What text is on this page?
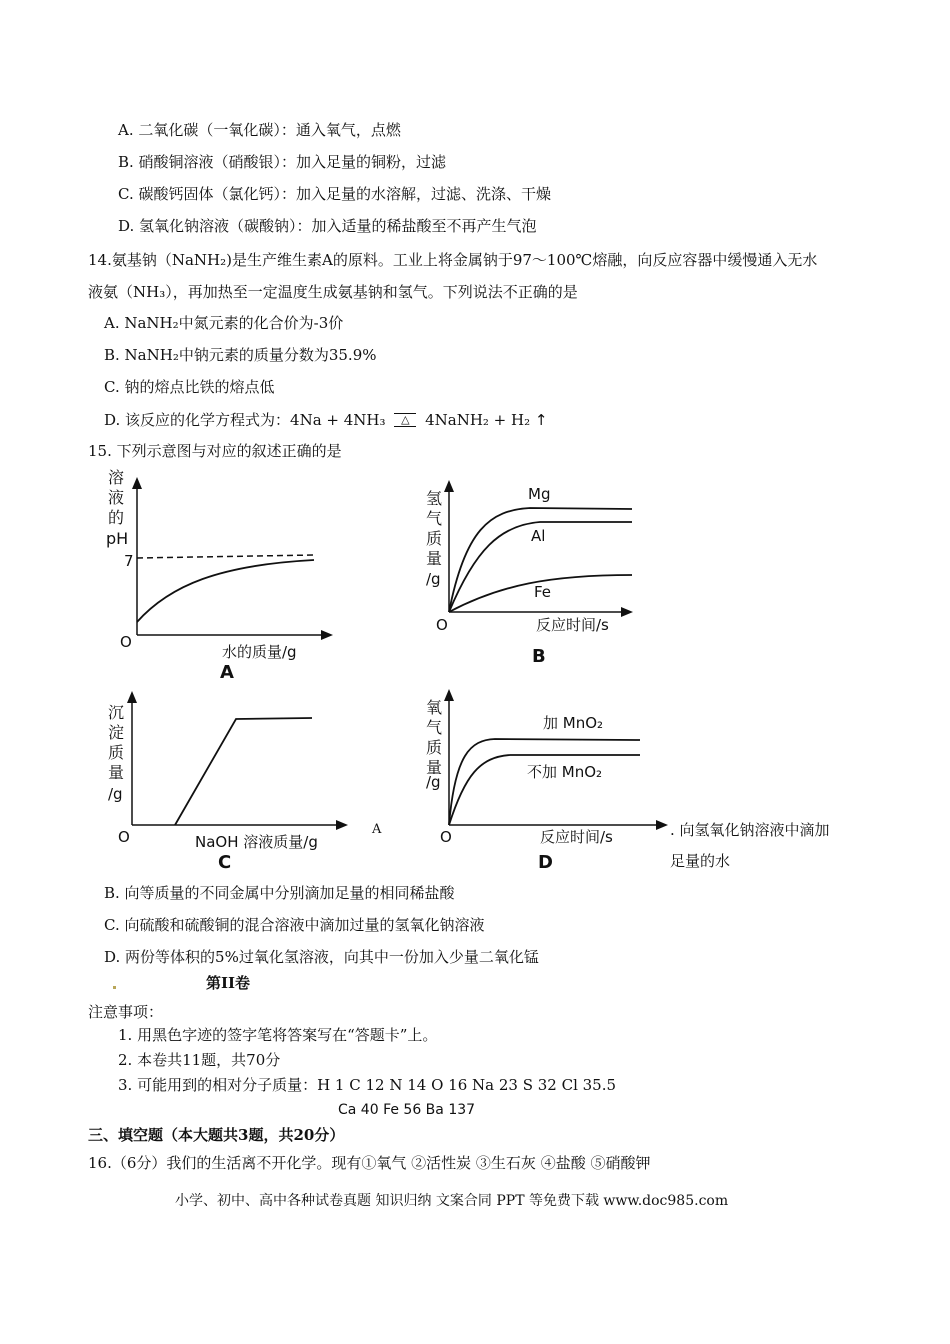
A. 二氧化碳（一氧化碳）：通入氧气，点燃
B. 硝酸铜溶液（硝酸银）：加入足量的铜粉，过滤
C. 碳酸钙固体（氯化钙）：加入足量的水溶解，过滤、洗涤、干燥
D. 氢氧化钠溶液（碳酸钠）：加入适量的稀盐酸至不再产生气泡
14.氨基钠（NaNH₂)是生产维生素A的原料。工业上将金属钠于97～100℃熔融，向反应容器中缓慢通入无水
液氨（NH₃），再加热至一定温度生成氨基钠和氢气。下列说法不正确的是
A. NaNH₂中氮元素的化合价为-3价
B. NaNH₂中钠元素的质量分数为35.9%
C. 钠的熔点比铁的熔点低
D. 该反应的化学方程式为：4Na + 4NH₃ △ 4NaNH₂ + H₂ ↑
15. 下列示意图与对应的叙述正确的是
溶
液
的
pH
7
O
水的质量/g
A
氢
气
质
量
/g
Mg
Al
Fe
O	反应时间/s
B
沉
淀
质
量
/g
O	NaOH 溶液质量/g
C
A
氧
气
质
量
/g
加 MnO₂
不加 MnO₂
O	反应时间/s
D
. 向氢氧化钠溶液中滴加
足量的水
B. 向等质量的不同金属中分别滴加足量的相同稀盐酸
C. 向硫酸和硫酸铜的混合溶液中滴加过量的氢氧化钠溶液
D. 两份等体积的5%过氧化氢溶液，向其中一份加入少量二氧化锰
第II卷
注意事项：
1. 用黑色字迹的签字笔将答案写在“答题卡”上。
2. 本卷共11题，共70分
3. 可能用到的相对分子质量：H 1 C 12 N 14 O 16 Na 23 S 32 Cl 35.5
Ca 40 Fe 56 Ba 137
三、填空题（本大题共3题，共20分）
16.（6分）我们的生活离不开化学。现有①氧气 ②活性炭 ③生石灰 ④盐酸 ⑤硝酸钾
小学、初中、高中各种试卷真题 知识归纳 文案合同 PPT 等免费下载 www.doc985.com
